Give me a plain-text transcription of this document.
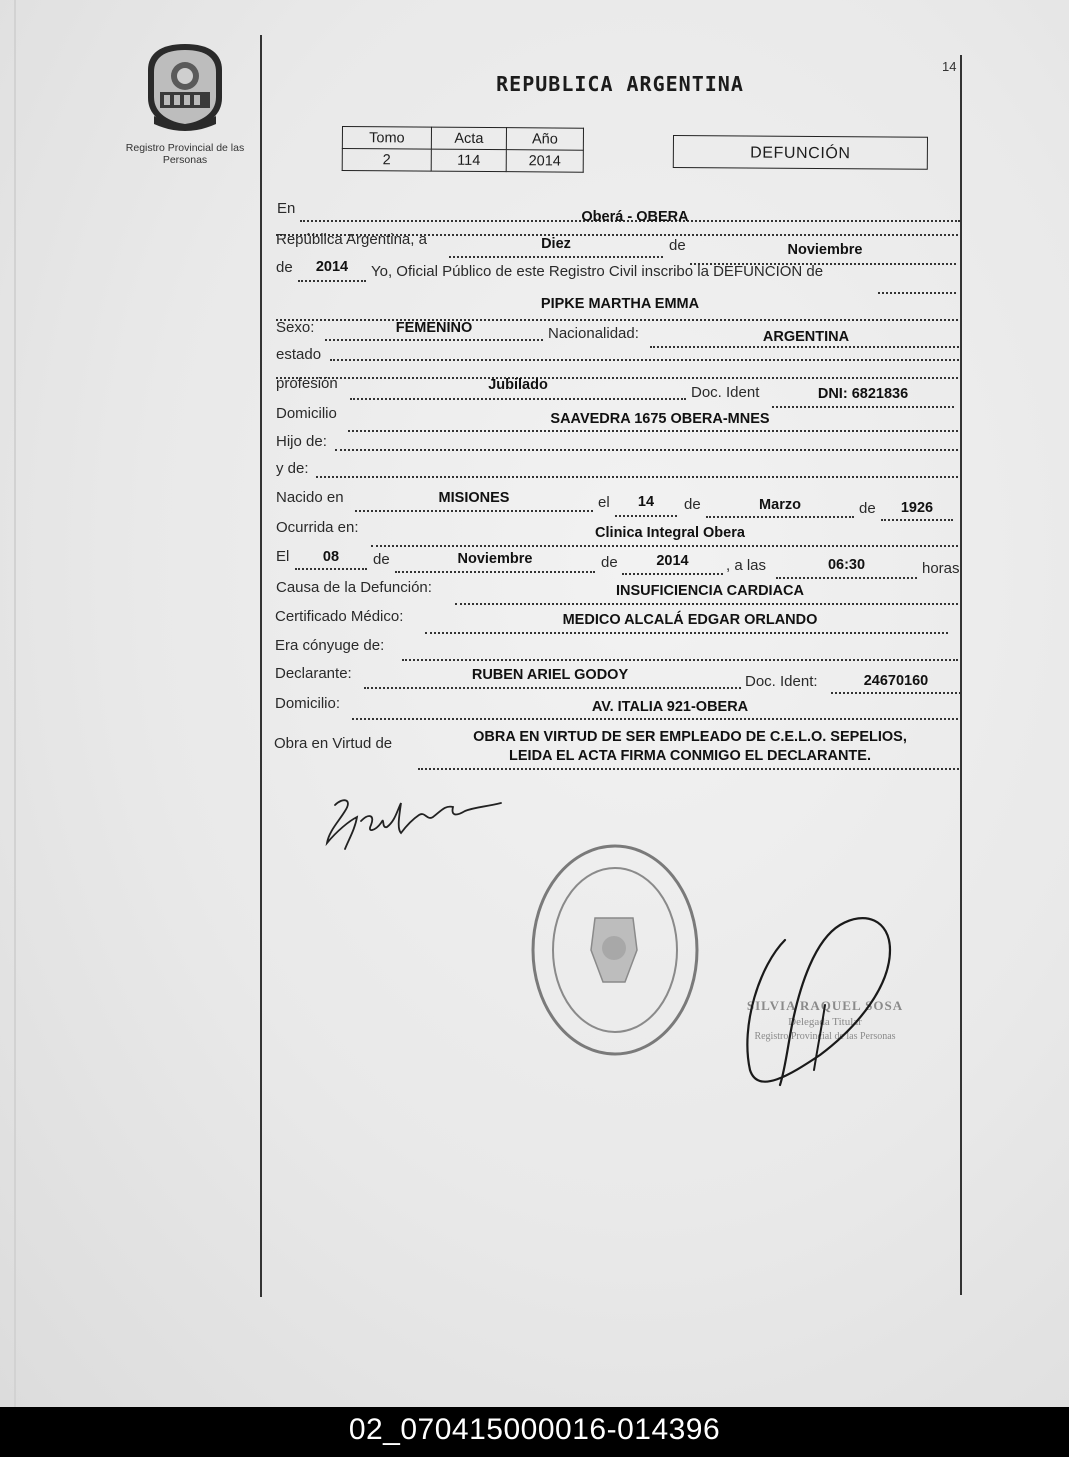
Registro Provincial de las Personas
14
REPUBLICA ARGENTINA
Tomo	Acta	Año
2	114	2014	DEFUNCIÓN
En	Oberá - OBERA
República Argentina, a	Diez	de	Noviembre
de	2014	Yo, Oficial Público de este Registro Civil inscribo la DEFUNCION de
PIPKE MARTHA EMMA
Sexo:	FEMENINO	Nacionalidad:	ARGENTINA
estado
profesión	Jubilado	Doc. Ident	DNI: 6821836
Domicilio	SAAVEDRA 1675 OBERA-MNES
Hijo de:
y de:
Nacido en	MISIONES	el	14	de	Marzo	de	1926
Ocurrida en:	Clinica Integral Obera
El	08	de	Noviembre	de	2014	, a las	06:30	horas
Causa de la Defunción:	INSUFICIENCIA CARDIACA
Certificado Médico:	MEDICO ALCALÁ EDGAR ORLANDO
Era cónyuge de:
Declarante:	RUBEN ARIEL GODOY	Doc. Ident:	24670160
Domicilio:	AV. ITALIA 921-OBERA
Obra en Virtud de	OBRA EN VIRTUD DE SER EMPLEADO DE C.E.L.O. SEPELIOS,
LEIDA EL ACTA FIRMA CONMIGO EL DECLARANTE.
SILVIA RAQUEL SOSA
Delegada Titular
Registro Provincial de las Personas
02_070415000016-014396
